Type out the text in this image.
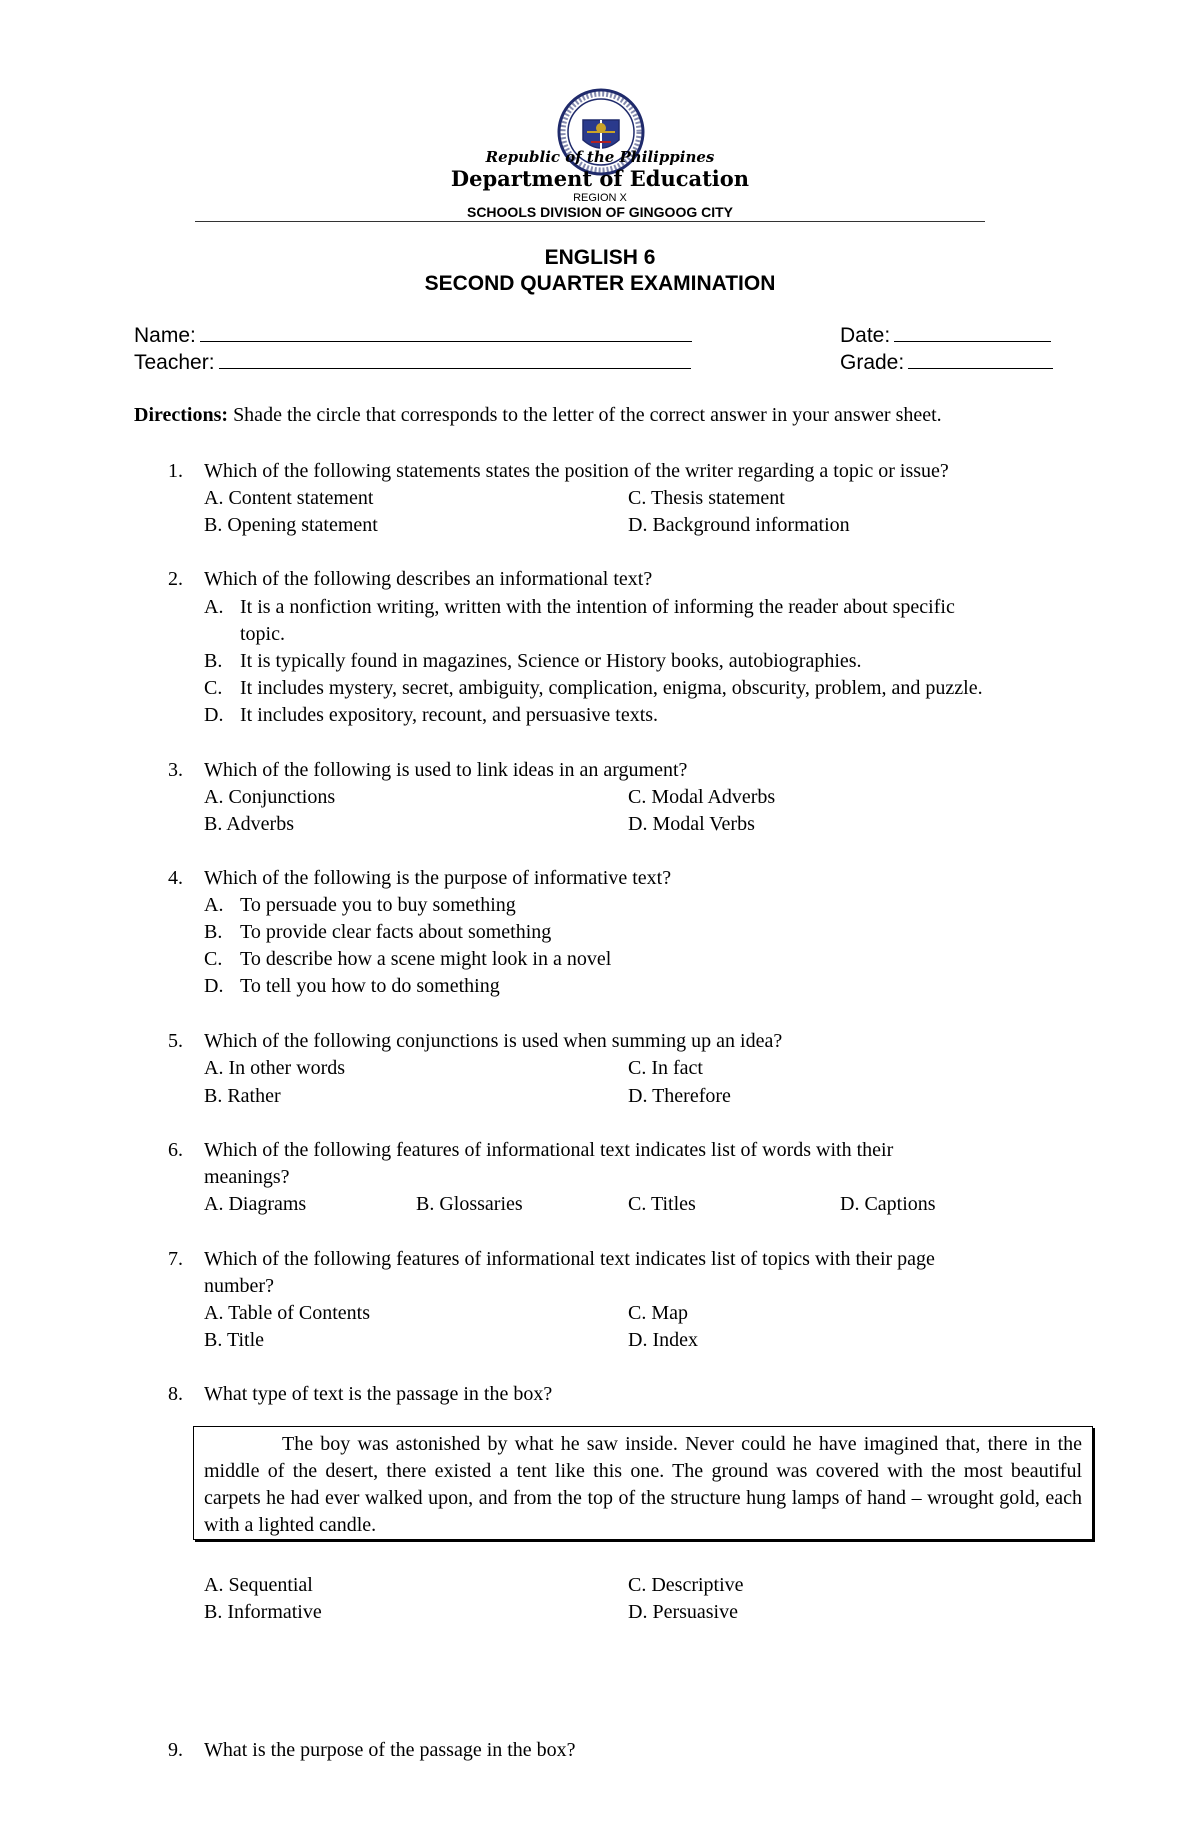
Republic of the Philippines
Department of Education
REGION X
SCHOOLS DIVISION OF GINGOOG CITY
ENGLISH 6
SECOND QUARTER EXAMINATION
Name:
Teacher:
Date:
Grade:
Directions: Shade the circle that corresponds to the letter of the correct answer in your answer sheet.
1. Which of the following statements states the position of the writer regarding a topic or issue?
A. Content statement	C. Thesis statement
B. Opening statement	D. Background information
2. Which of the following describes an informational text?
A. It is a nonfiction writing, written with the intention of informing the reader about specific
topic.
B. It is typically found in magazines, Science or History books, autobiographies.
C. It includes mystery, secret, ambiguity, complication, enigma, obscurity, problem, and puzzle.
D. It includes expository, recount, and persuasive texts.
3. Which of the following is used to link ideas in an argument?
A. Conjunctions	C. Modal Adverbs
B. Adverbs	D. Modal Verbs
4. Which of the following is the purpose of informative text?
A. To persuade you to buy something
B. To provide clear facts about something
C. To describe how a scene might look in a novel
D. To tell you how to do something
5. Which of the following conjunctions is used when summing up an idea?
A. In other words	C. In fact
B. Rather	D. Therefore
6. Which of the following features of informational text indicates list of words with their
meanings?
A. Diagrams	B. Glossaries	C. Titles	D. Captions
7. Which of the following features of informational text indicates list of topics with their page
number?
A. Table of Contents	C. Map
B. Title	D. Index
8. What type of text is the passage in the box?

The boy was astonished by what he saw inside. Never could he have imagined that, there in the middle of the desert, there existed a tent like this one. The ground was covered with the most beautiful carpets he had ever walked upon, and from the top of the structure hung lamps of hand – wrought gold, each with a lighted candle.

A. Sequential	C. Descriptive
B. Informative	D. Persuasive
9. What is the purpose of the passage in the box?
